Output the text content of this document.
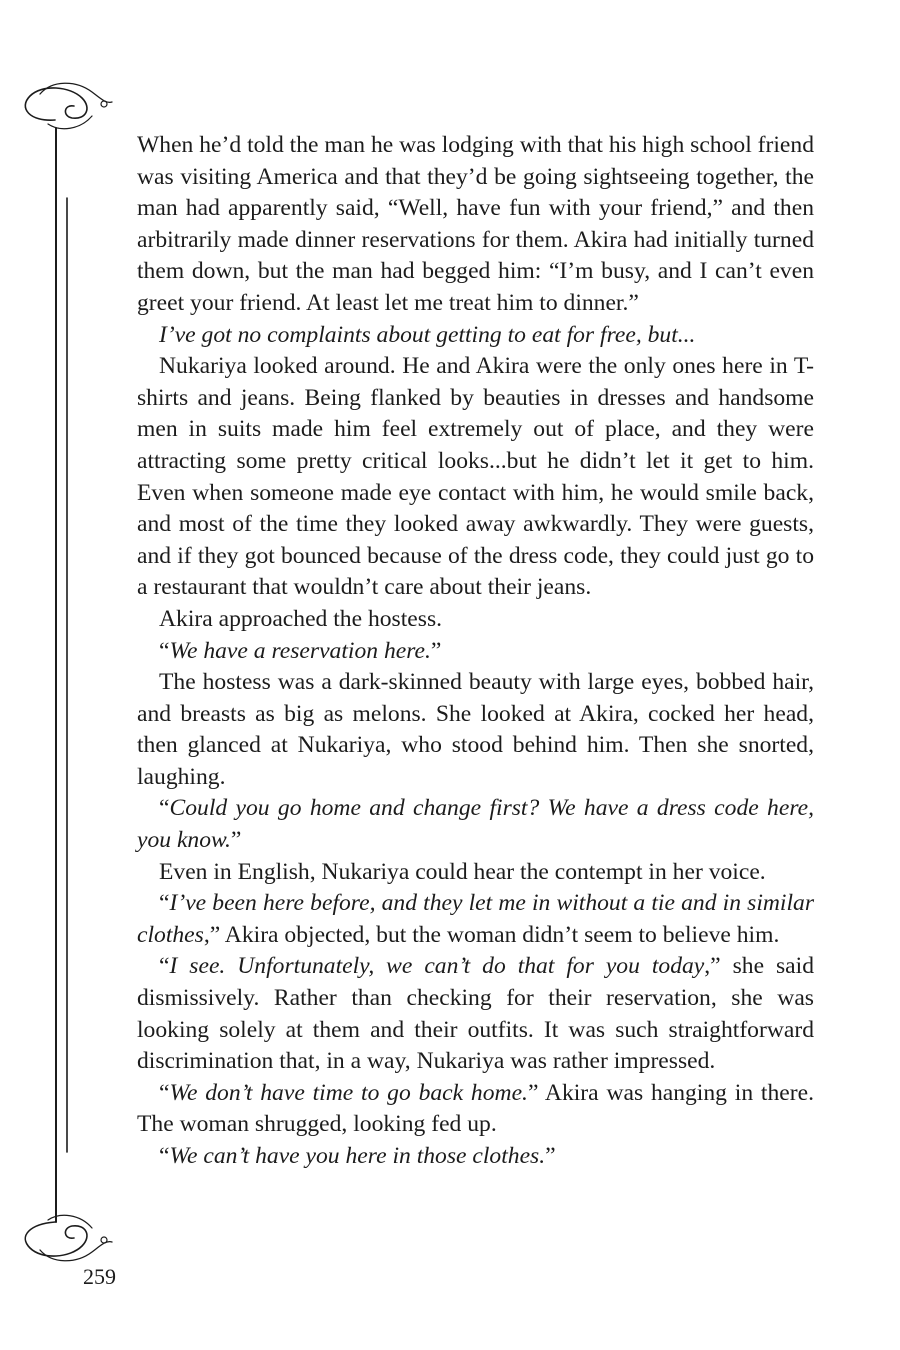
When he’d told the man he was lodging with that his high school friend was visiting America and that they’d be going sightseeing together, the man had apparently said, “Well, have fun with your friend,” and then arbitrarily made dinner reservations for them. Akira had initially turned them down, but the man had begged him: “I’m busy, and I can’t even greet your friend. At least let me treat him to dinner.”

I’ve got no complaints about getting to eat for free, but...

Nukariya looked around. He and Akira were the only ones here in T-shirts and jeans. Being flanked by beauties in dresses and handsome men in suits made him feel extremely out of place, and they were attracting some pretty critical looks...but he didn’t let it get to him. Even when someone made eye contact with him, he would smile back, and most of the time they looked away awkwardly. They were guests, and if they got bounced because of the dress code, they could just go to a restaurant that wouldn’t care about their jeans.

Akira approached the hostess.

“We have a reservation here.”

The hostess was a dark-skinned beauty with large eyes, bobbed hair, and breasts as big as melons. She looked at Akira, cocked her head, then glanced at Nukariya, who stood behind him. Then she snorted, laughing.

“Could you go home and change first? We have a dress code here, you know.”

Even in English, Nukariya could hear the contempt in her voice.

“I’ve been here before, and they let me in without a tie and in similar clothes,” Akira objected, but the woman didn’t seem to believe him.

“I see. Unfortunately, we can’t do that for you today,” she said dismissively. Rather than checking for their reservation, she was looking solely at them and their outfits. It was such straightforward discrimination that, in a way, Nukariya was rather impressed.

“We don’t have time to go back home.” Akira was hanging in there. The woman shrugged, looking fed up.

“We can’t have you here in those clothes.”

259
